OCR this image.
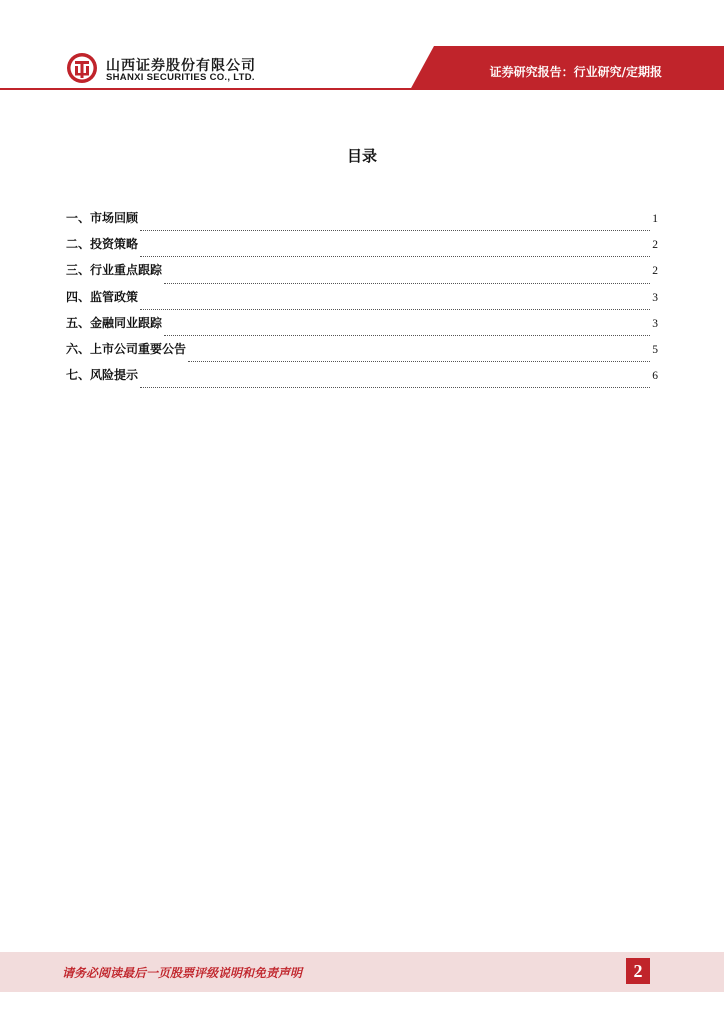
山西证券股份有限公司
SHANXI SECURITIES CO., LTD.	证券研究报告：行业研究/定期报
目录
一、市场回顾	1
二、投资策略	2
三、行业重点跟踪	2
四、监管政策	3
五、金融同业跟踪	3
六、上市公司重要公告	5
七、风险提示	6
请务必阅读最后一页股票评级说明和免责声明	2
